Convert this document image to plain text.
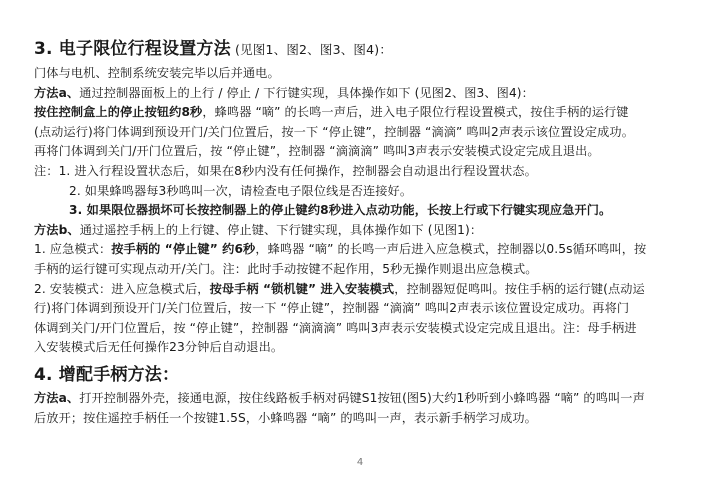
3. 电子限位行程设置方法 (见图1、图2、图3、图4)：

门体与电机、控制系统安装完毕以后并通电。

方法a、通过控制器面板上的上行 / 停止 / 下行键实现，具体操作如下 (见图2、图3、图4)：

按住控制盒上的停止按钮约8秒，蜂鸣器 “嘀” 的长鸣一声后，进入电子限位行程设置模式，按住手柄的运行键

(点动运行)将门体调到预设开门/关门位置后，按一下 “停止键”，控制器 “滴滴” 鸣叫2声表示该位置设定成功。

再将门体调到关门/开门位置后，按 “停止键”，控制器 “滴滴滴” 鸣叫3声表示安装模式设定完成且退出。

注：1. 进入行程设置状态后，如果在8秒内没有任何操作，控制器会自动退出行程设置状态。

2. 如果蜂鸣器每3秒鸣叫一次，请检查电子限位线是否连接好。

3. 如果限位器损坏可长按控制器上的停止键约8秒进入点动功能，长按上行或下行键实现应急开门。

方法b、通过遥控手柄上的上行键、停止键、下行键实现，具体操作如下 (见图1)：

1. 应急模式：按手柄的 “停止键” 约6秒，蜂鸣器 “嘀” 的长鸣一声后进入应急模式，控制器以0.5s循环鸣叫，按

手柄的运行键可实现点动开/关门。注：此时手动按键不起作用，5秒无操作则退出应急模式。

2. 安装模式：进入应急模式后，按母手柄 “锁机键” 进入安装模式，控制器短促鸣叫。按住手柄的运行键(点动运

行)将门体调到预设开门/关门位置后，按一下 “停止键”，控制器 “滴滴” 鸣叫2声表示该位置设定成功。再将门

体调到关门/开门位置后，按 “停止键”，控制器 “滴滴滴” 鸣叫3声表示安装模式设定完成且退出。注：母手柄进

入安装模式后无任何操作23分钟后自动退出。

4. 增配手柄方法：

方法a、打开控制器外壳，接通电源，按住线路板手柄对码键S1按钮(图5)大约1秒听到小蜂鸣器 “嘀” 的鸣叫一声

后放开；按住遥控手柄任一个按键1.5S，小蜂鸣器 “嘀” 的鸣叫一声，表示新手柄学习成功。

4
